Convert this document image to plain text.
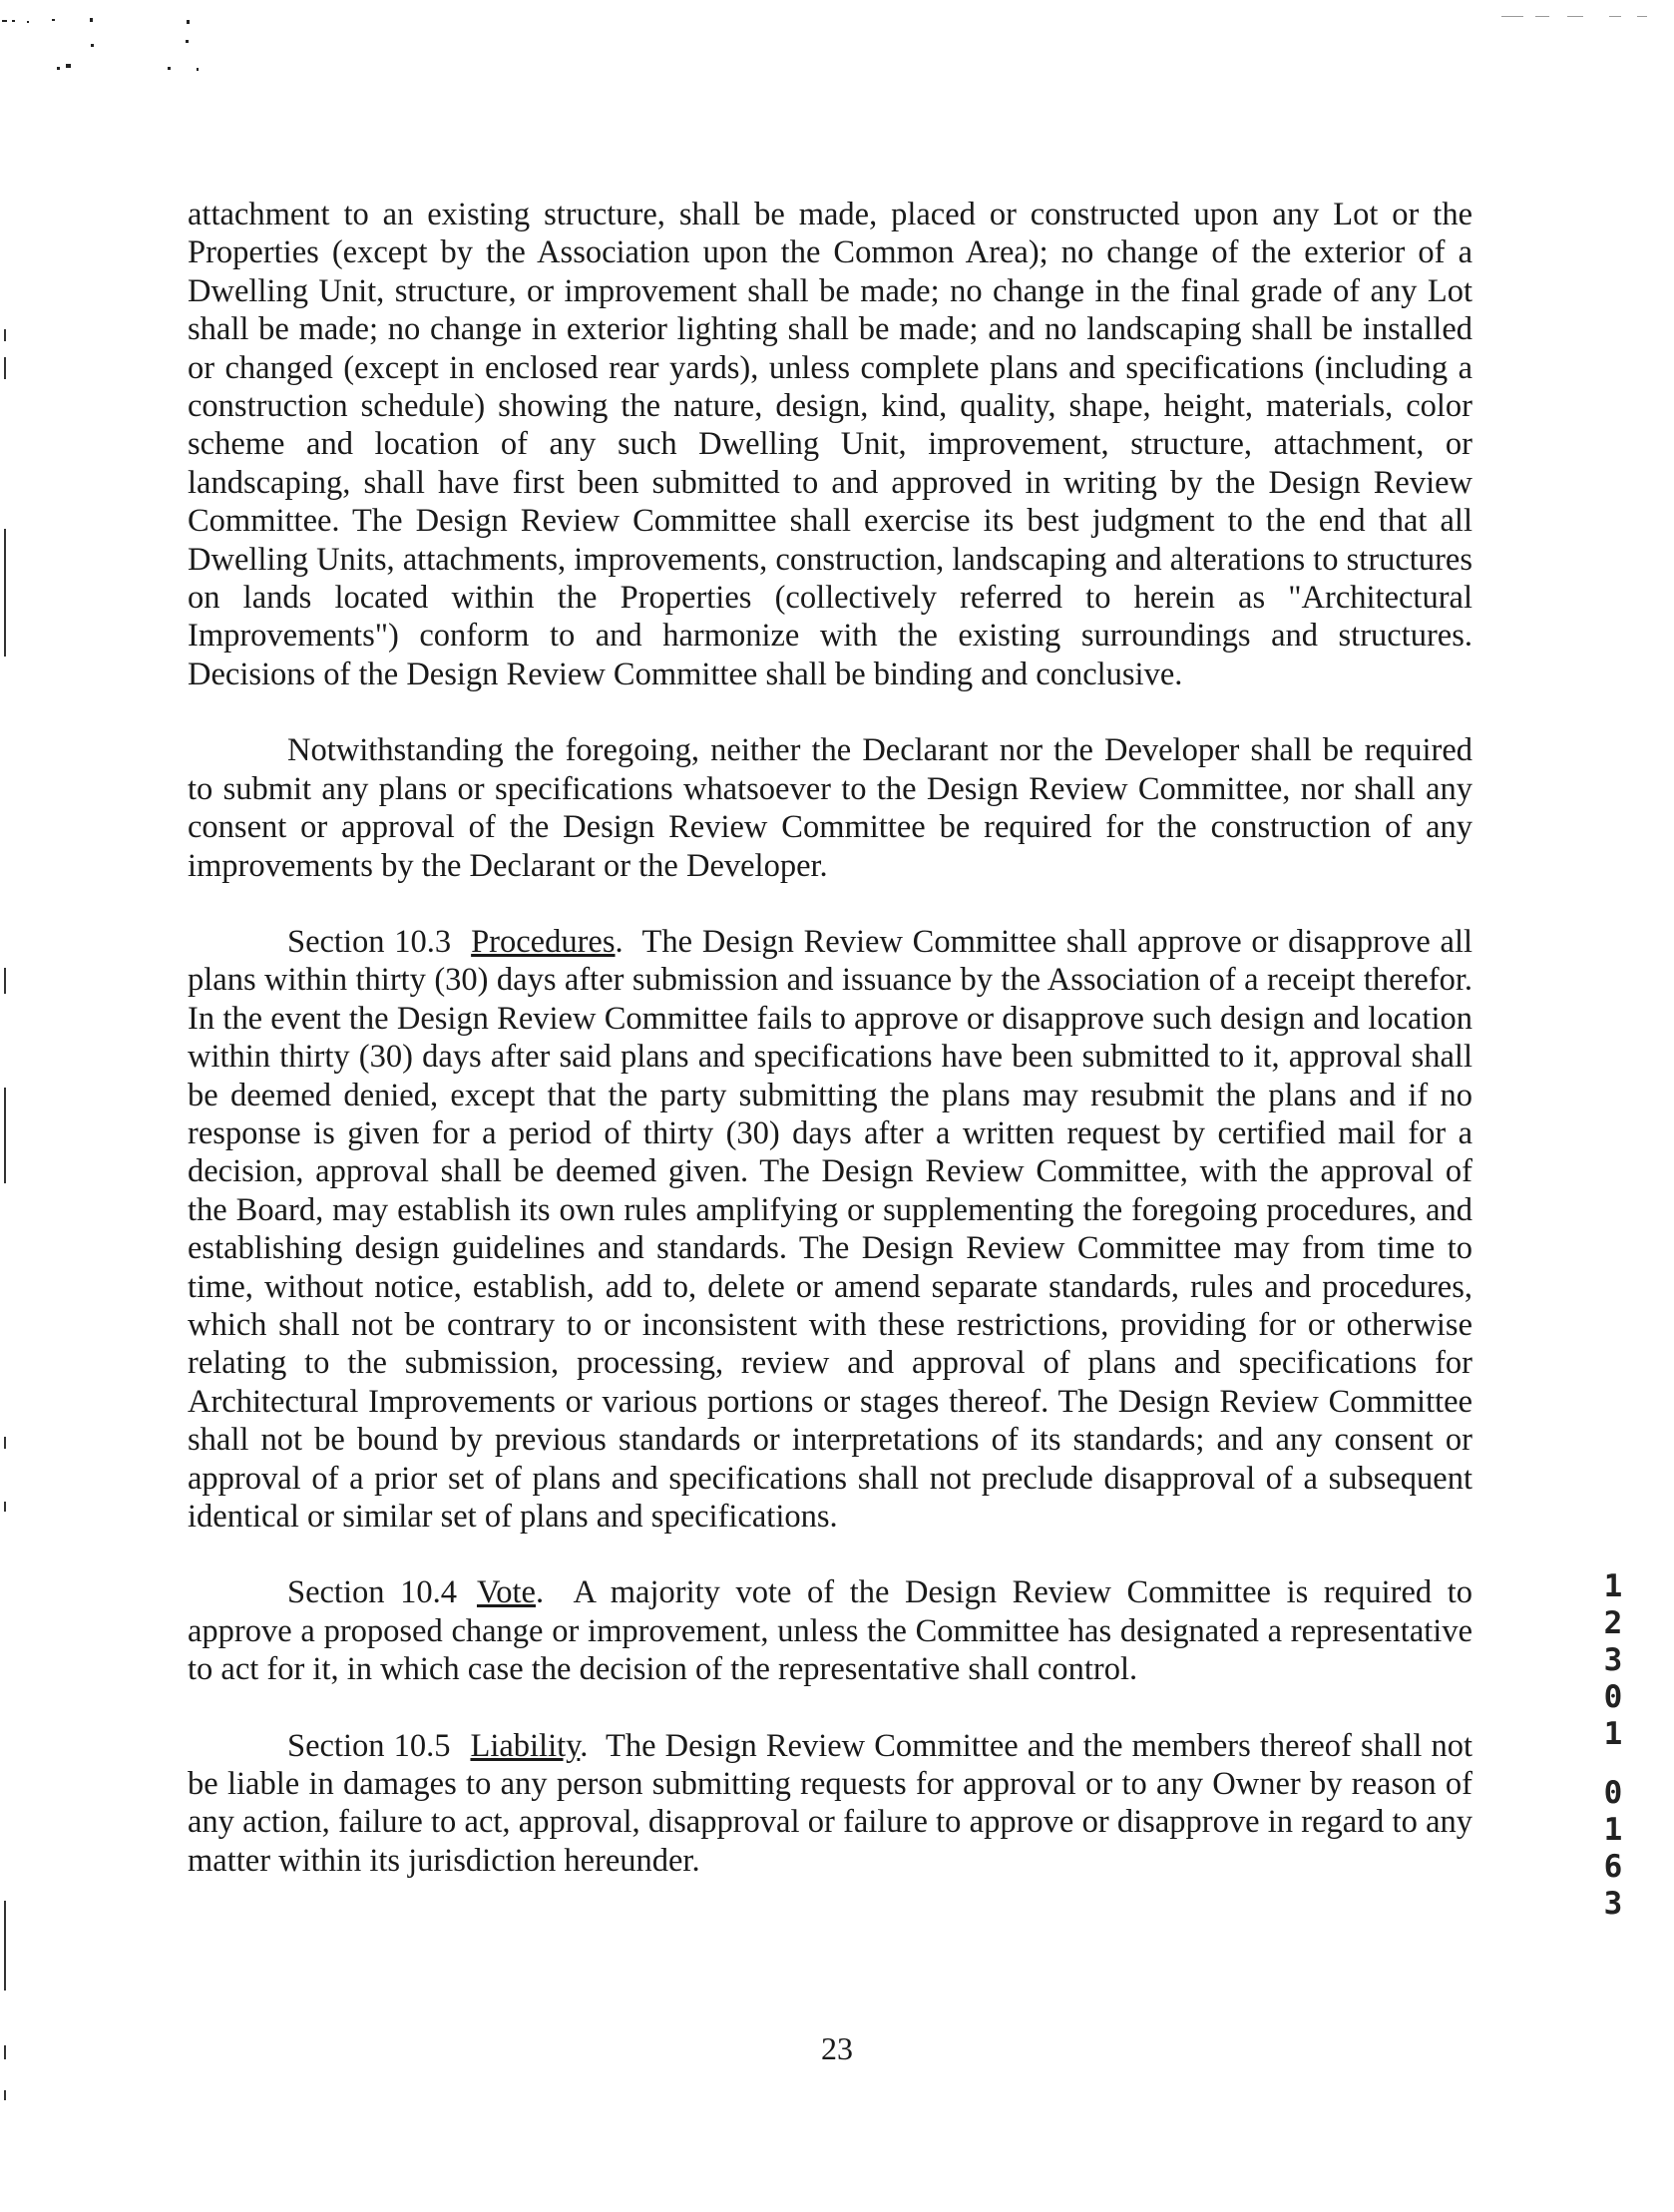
attachment to an existing structure, shall be made, placed or constructed upon any Lot or the Properties (except by the Association upon the Common Area); no change of the exterior of a Dwelling Unit, structure, or improvement shall be made; no change in the final grade of any Lot shall be made; no change in exterior lighting shall be made; and no landscaping shall be installed or changed (except in enclosed rear yards), unless complete plans and specifications (including a construction schedule) showing the nature, design, kind, quality, shape, height, materials, color scheme and location of any such Dwelling Unit, improvement, structure, attachment, or landscaping, shall have first been submitted to and approved in writing by the Design Review Committee. The Design Review Committee shall exercise its best judgment to the end that all Dwelling Units, attachments, improvements, construction, landscaping and alterations to structures on lands located within the Properties (collectively referred to herein as "Architectural Improvements") conform to and harmonize with the existing surroundings and structures. Decisions of the Design Review Committee shall be binding and conclusive.

Notwithstanding the foregoing, neither the Declarant nor the Developer shall be required to submit any plans or specifications whatsoever to the Design Review Committee, nor shall any consent or approval of the Design Review Committee be required for the construction of any improvements by the Declarant or the Developer.

Section 10.3 Procedures.  The Design Review Committee shall approve or disapprove all plans within thirty (30) days after submission and issuance by the Association of a receipt therefor. In the event the Design Review Committee fails to approve or disapprove such design and location within thirty (30) days after said plans and specifications have been submitted to it, approval shall be deemed denied, except that the party submitting the plans may resubmit the plans and if no response is given for a period of thirty (30) days after a written request by certified mail for a decision, approval shall be deemed given. The Design Review Committee, with the approval of the Board, may establish its own rules amplifying or supplementing the foregoing procedures, and establishing design guidelines and standards. The Design Review Committee may from time to time, without notice, establish, add to, delete or amend separate standards, rules and procedures, which shall not be contrary to or inconsistent with these restrictions, providing for or otherwise relating to the submission, processing, review and approval of plans and specifications for Architectural Improvements or various portions or stages thereof. The Design Review Committee shall not be bound by previous standards or interpretations of its standards; and any consent or approval of a prior set of plans and specifications shall not preclude disapproval of a subsequent identical or similar set of plans and specifications.

Section 10.4 Vote.  A majority vote of the Design Review Committee is required to approve a proposed change or improvement, unless the Committee has designated a representative to act for it, in which case the decision of the representative shall control.

Section 10.5 Liability.  The Design Review Committee and the members thereof shall not be liable in damages to any person submitting requests for approval or to any Owner by reason of any action, failure to act, approval, disapproval or failure to approve or disapprove in regard to any matter within its jurisdiction hereunder.

1
2
3
0
1
0
1
6
3
23
